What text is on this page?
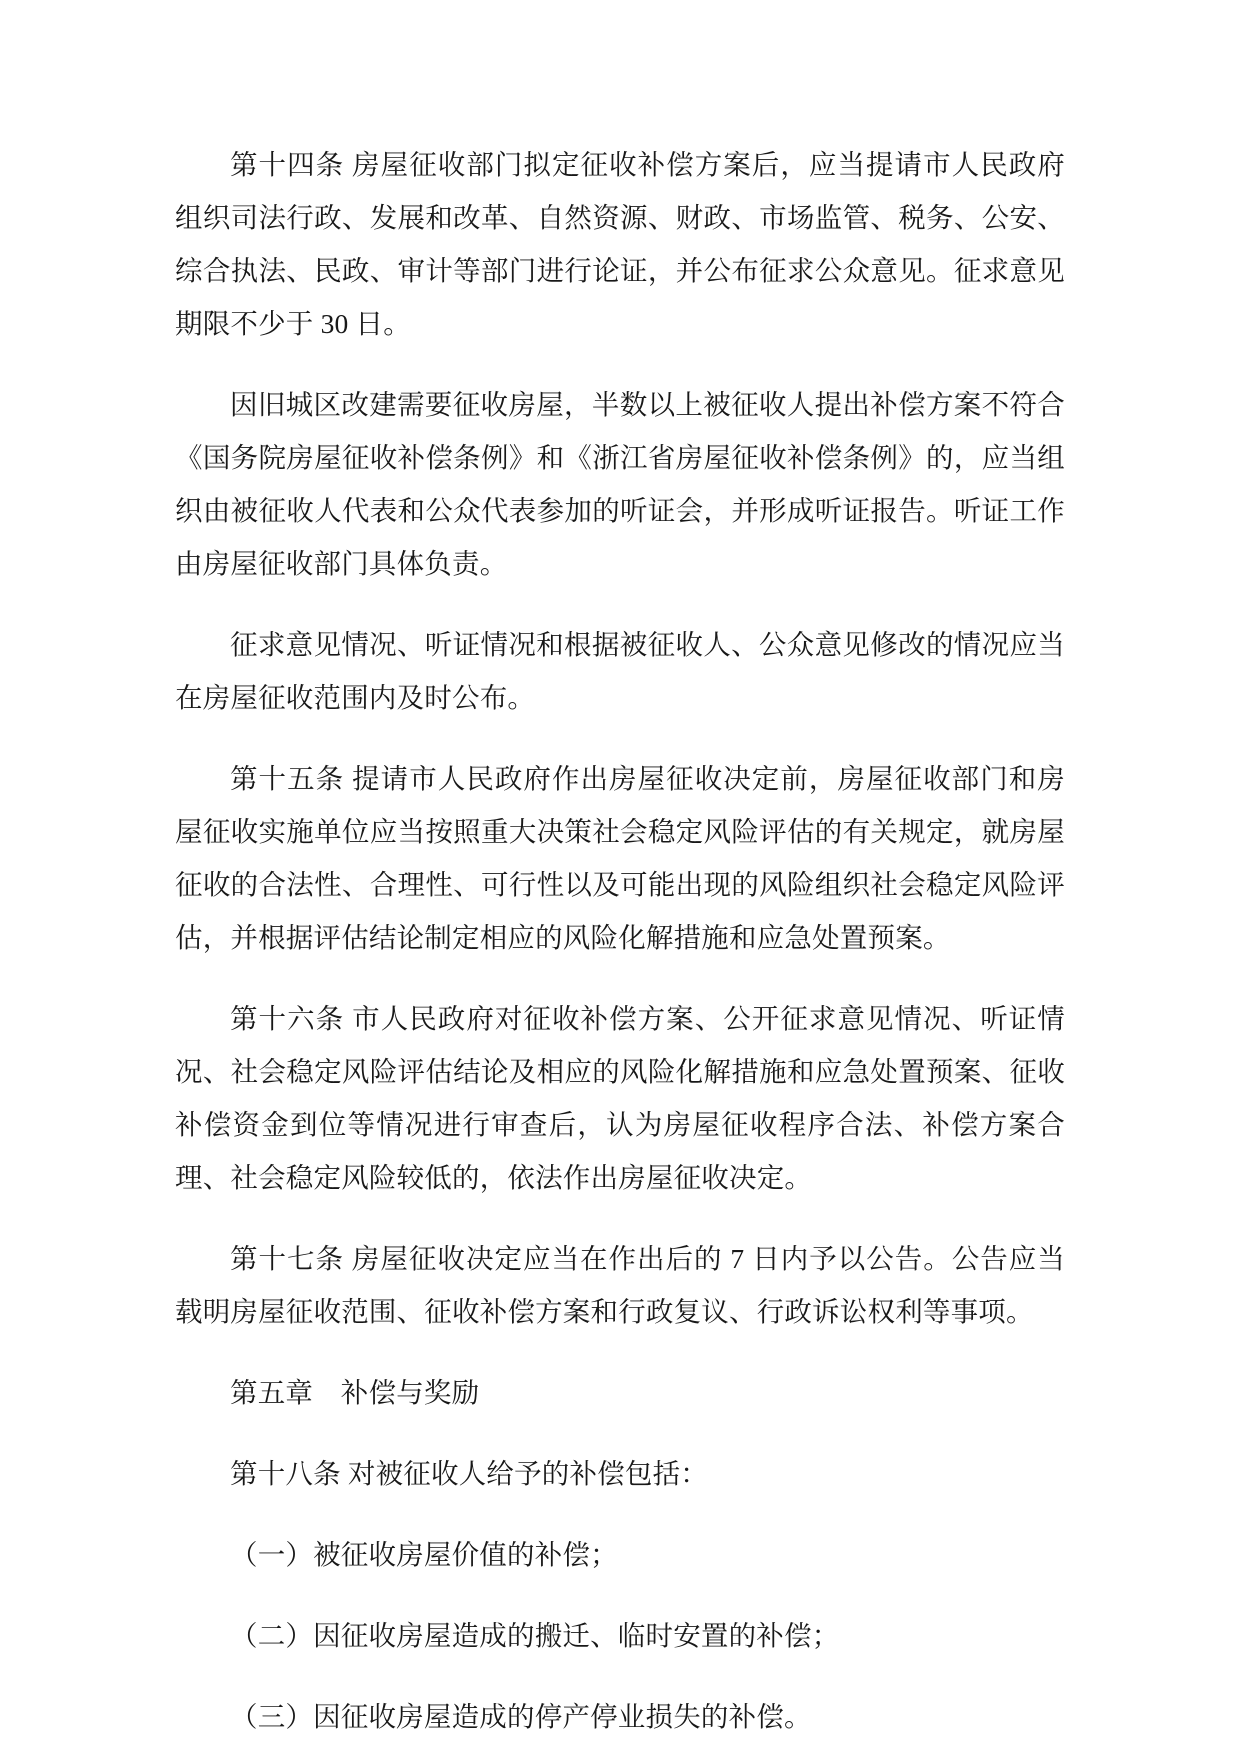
第十四条 房屋征收部门拟定征收补偿方案后，应当提请市人民政府组织司法行政、发展和改革、自然资源、财政、市场监管、税务、公安、综合执法、民政、审计等部门进行论证，并公布征求公众意见。征求意见期限不少于 30 日。

因旧城区改建需要征收房屋，半数以上被征收人提出补偿方案不符合《国务院房屋征收补偿条例》和《浙江省房屋征收补偿条例》的，应当组织由被征收人代表和公众代表参加的听证会，并形成听证报告。听证工作由房屋征收部门具体负责。

征求意见情况、听证情况和根据被征收人、公众意见修改的情况应当在房屋征收范围内及时公布。

第十五条 提请市人民政府作出房屋征收决定前，房屋征收部门和房屋征收实施单位应当按照重大决策社会稳定风险评估的有关规定，就房屋征收的合法性、合理性、可行性以及可能出现的风险组织社会稳定风险评估，并根据评估结论制定相应的风险化解措施和应急处置预案。

第十六条 市人民政府对征收补偿方案、公开征求意见情况、听证情况、社会稳定风险评估结论及相应的风险化解措施和应急处置预案、征收补偿资金到位等情况进行审查后，认为房屋征收程序合法、补偿方案合理、社会稳定风险较低的，依法作出房屋征收决定。

第十七条 房屋征收决定应当在作出后的 7 日内予以公告。公告应当载明房屋征收范围、征收补偿方案和行政复议、行政诉讼权利等事项。

第五章　补偿与奖励

第十八条 对被征收人给予的补偿包括：

（一）被征收房屋价值的补偿；

（二）因征收房屋造成的搬迁、临时安置的补偿；

（三）因征收房屋造成的停产停业损失的补偿。
